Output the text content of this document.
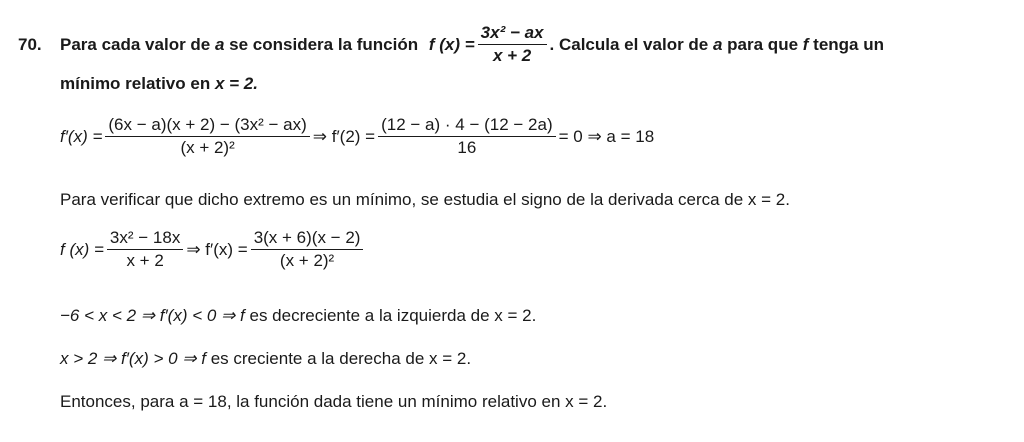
70.	Para cada valor de a se considera la función f $(x) = \frac{\text{3x² − ax}}{x + 2}$ . Calcula el valor de a para que f tenga un
mínimo relativo en x = 2.
$f'(x) = \frac{\text{(6x − a)(x + 2) − (3x² − ax)}}{\text{(x + 2)²}}$ ⇒ $f'(2) = \frac{(12 - a) \cdot 4 - (12 - 2a)}{16} = 0$ ⇒ a = 18
Para verificar que dicho extremo es un mínimo, se estudia el signo de la derivada cerca de x = 2.
f $(x) = \frac{\text{3x² − 18x}}{x + 2}$ ⇒ $f'(x) = \frac{3(x + 6)(x - 2)}{\text{(x + 2)²}}$
−6 < x < 2 ⇒ f′(x) < 0 ⇒ f es decreciente a la izquierda de x = 2.
x > 2 ⇒ f′(x) > 0 ⇒ f es creciente a la derecha de x = 2.
Entonces, para a = 18, la función dada tiene un mínimo relativo en x = 2.
